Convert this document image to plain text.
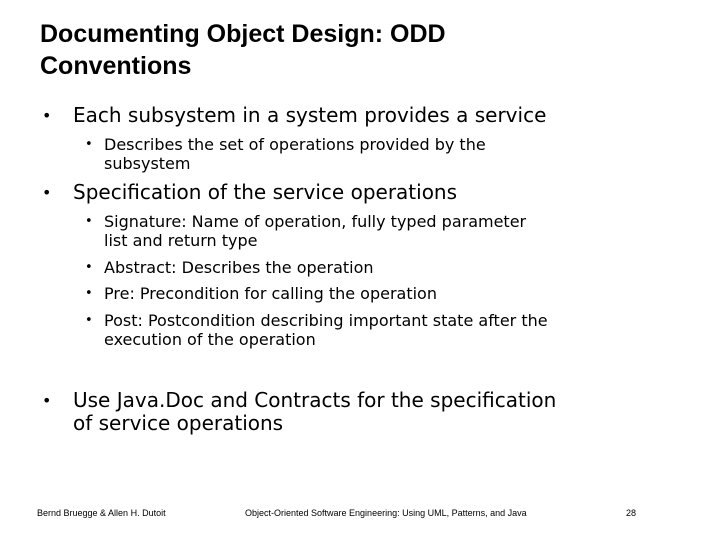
Documenting Object Design: ODD
Conventions
• Each subsystem in a system provides a service
• Describes the set of operations provided by the
subsystem
• Specification of the service operations
• Signature: Name of operation, fully typed parameter
list and return type
• Abstract: Describes the operation
• Pre: Precondition for calling the operation
• Post: Postcondition describing important state after the
execution of the operation
• Use Java.Doc and Contracts for the specification
of service operations
Bernd Bruegge & Allen H. Dutoit	Object-Oriented Software Engineering: Using UML, Patterns, and Java	28
